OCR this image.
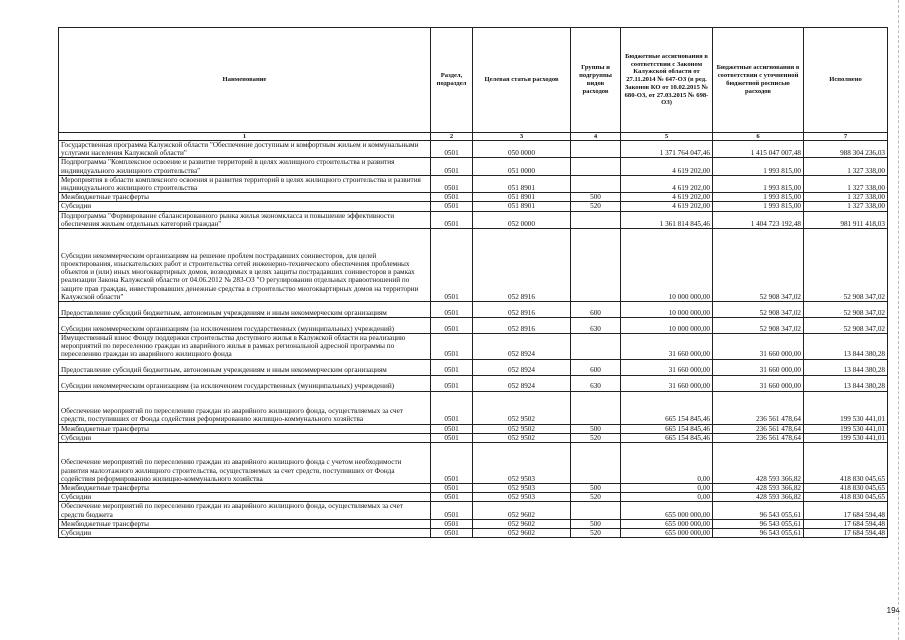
Наименование	Раздел, подраздел	Целевая статья расходов	Группы и подгруппы видов расходов	Бюджетные ассигнования в соответствии с Законом Калужской области от 27.11.2014 № 647-ОЗ (в ред. Законов КО от 10.02.2015 № 680-ОЗ, от 27.03.2015 № 698-ОЗ)	Бюджетные ассигнования в соответствии с уточненной бюджетной росписью расходов	Исполнено
1	2	3	4	5	6	7
Государственная программа Калужской области "Обеспечение доступным и комфортным жильем и коммунальными услугами населения Калужской области"	0501	050 0000		1 371 764 047,46	1 415 047 007,48	988 304 236,03
Подпрограмма "Комплексное освоение и развитие территорий в целях жилищного строительства и развития индивидуального жилищного строительства"	0501	051 0000		4 619 202,00	1 993 815,00	1 327 338,00
Мероприятия в области комплексного освоения и развития территорий в целях жилищного строительства и развития индивидуального жилищного строительства	0501	051 8901		4 619 202,00	1 993 815,00	1 327 338,00
Межбюджетные трансферты	0501	051 8901	500	4 619 202,00	1 993 815,00	1 327 338,00
Субсидии	0501	051 8901	520	4 619 202,00	1 993 815,00	1 327 338,00
Подпрограмма "Формирование сбалансированного рынка жилья экономкласса и повышение эффективности обеспечения жильем отдельных категорий граждан"	0501	052 0000		1 361 814 845,46	1 404 723 192,48	981 911 418,03
Субсидии некоммерческим организациям на решение проблем пострадавших соинвесторов, для целей проектирования, изыскательских работ и строительства сетей инженерно-технического обеспечения проблемных объектов и (или) иных многоквартирных домов, возводимых в целях защиты пострадавших соинвесторов в рамках реализации Закона Калужской области от 04.06.2012 № 283-ОЗ "О регулировании отдельных правоотношений по защите прав граждан, инвестировавших денежные средства в строительство многоквартирных домов на территории Калужской области"	0501	052 8916		10 000 000,00	52 908 347,02	52 908 347,02
Предоставление субсидий бюджетным, автономным учреждениям и иным некоммерческим организациям	0501	052 8916	600	10 000 000,00	52 908 347,02	52 908 347,02
Субсидии некоммерческим организациям (за исключением государственных (муниципальных) учреждений)	0501	052 8916	630	10 000 000,00	52 908 347,02	52 908 347,02
Имущественный взнос Фонду поддержки строительства доступного жилья в Калужской области на реализацию мероприятий по переселению граждан из аварийного жилья в рамках региональной адресной программы по переселению граждан из аварийного жилищного фонда	0501	052 8924		31 660 000,00	31 660 000,00	13 844 380,28
Предоставление субсидий бюджетным, автономным учреждениям и иным некоммерческим организациям	0501	052 8924	600	31 660 000,00	31 660 000,00	13 844 380,28
Субсидии некоммерческим организациям (за исключением государственных (муниципальных) учреждений)	0501	052 8924	630	31 660 000,00	31 660 000,00	13 844 380,28
Обеспечение мероприятий по переселению граждан из аварийного жилищного фонда, осуществляемых за счет средств, поступивших от Фонда содействия реформированию жилищно-коммунального хозяйства	0501	052 9502		665 154 845,46	236 561 478,64	199 530 441,01
Межбюджетные трансферты	0501	052 9502	500	665 154 845,46	236 561 478,64	199 530 441,01
Субсидии	0501	052 9502	520	665 154 845,46	236 561 478,64	199 530 441,01
Обеспечение мероприятий по переселению граждан из аварийного жилищного фонда с учетом необходимости развития малоэтажного жилищного строительства, осуществляемых за счет средств, поступивших от Фонда содействия реформированию жилищно-коммунального хозяйства	0501	052 9503		0,00	428 593 366,82	418 830 045,65
Межбюджетные трансферты	0501	052 9503	500	0,00	428 593 366,82	418 830 045,65
Субсидии	0501	052 9503	520	0,00	428 593 366,82	418 830 045,65
Обеспечение мероприятий по переселению граждан из аварийного жилищного фонда, осуществляемых за счет средств бюджета	0501	052 9602		655 000 000,00	96 543 055,61	17 684 594,48
Межбюджетные трансферты	0501	052 9602	500	655 000 000,00	96 543 055,61	17 684 594,48
Субсидии	0501	052 9602	520	655 000 000,00	96 543 055,61	17 684 594,48
194
